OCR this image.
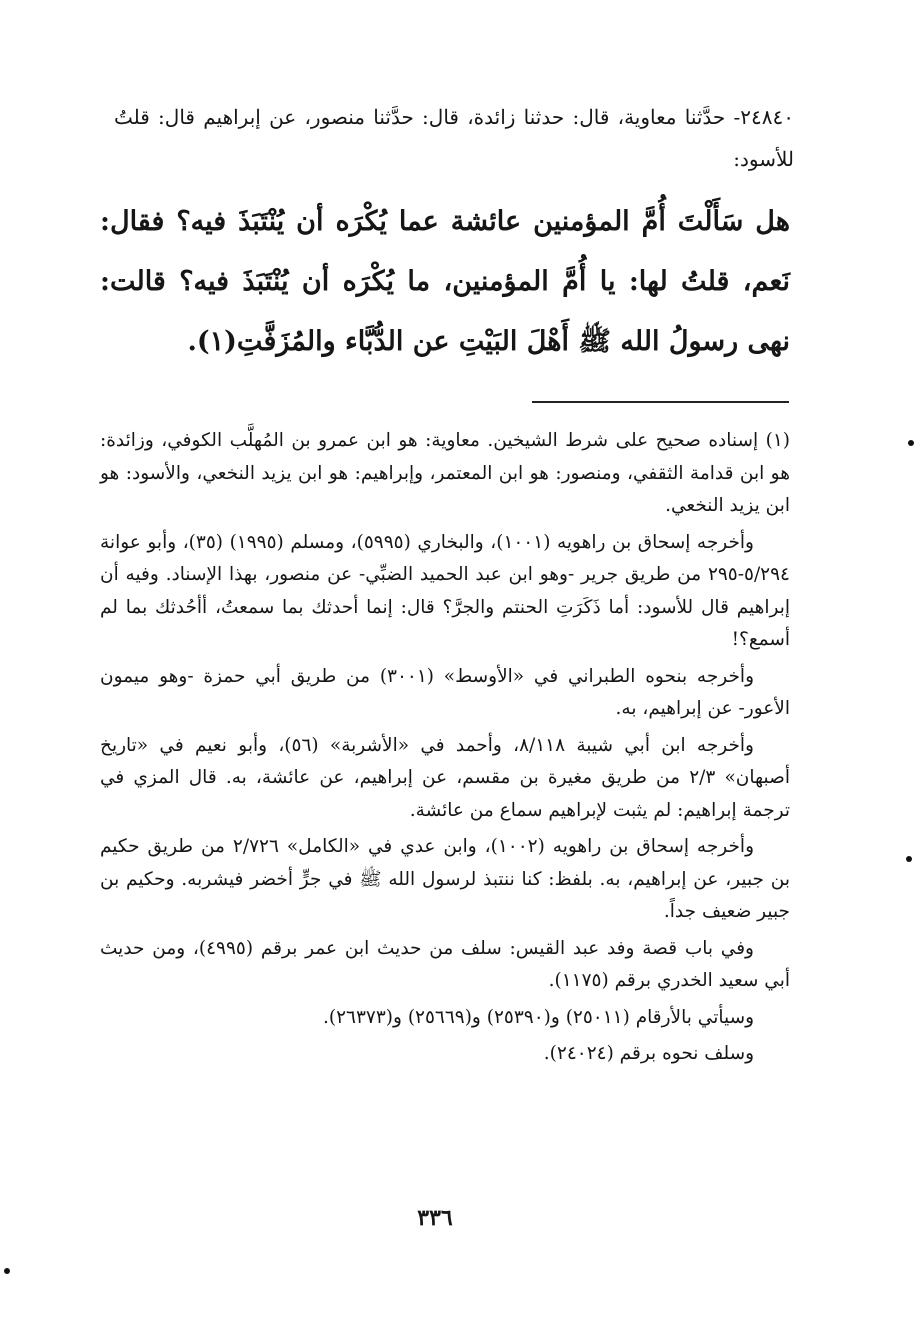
٢٤٨٤٠- حدَّثنا معاوية، قال: حدثنا زائدة، قال: حدَّثنا منصور، عن إبراهيم قال: قلتُ للأسود:

هل سَأَلْتَ أُمَّ المؤمنين عائشة عما يُكْرَه أن يُنْتَبَذَ فيه؟ فقال: نَعم، قلتُ لها: يا أُمَّ المؤمنين، ما يُكْرَه أن يُنْتَبَذَ فيه؟ قالت: نهى رسولُ الله ﷺ أَهْلَ البَيْتِ عن الدُّبَّاء والمُزَفَّتِ(١).

(١) إسناده صحيح على شرط الشيخين. معاوية: هو ابن عمرو بن المُهلَّب الكوفي، وزائدة: هو ابن قدامة الثقفي، ومنصور: هو ابن المعتمر، وإبراهيم: هو ابن يزيد النخعي، والأسود: هو ابن يزيد النخعي.

وأخرجه إسحاق بن راهويه (١٠٠١)، والبخاري (٥٩٩٥)، ومسلم (١٩٩٥) (٣٥)، وأبو عوانة ٥/٢٩٤-٢٩٥ من طريق جرير -وهو ابن عبد الحميد الضبِّي- عن منصور، بهذا الإسناد. وفيه أن إبراهيم قال للأسود: أما ذَكَرَتِ الحنتم والجرَّ؟ قال: إنما أحدثك بما سمعتُ، أأحُدثك بما لم أسمع؟!

وأخرجه بنحوه الطبراني في «الأوسط» (٣٠٠١) من طريق أبي حمزة -وهو ميمون الأعور- عن إبراهيم، به.

وأخرجه ابن أبي شيبة ٨/١١٨، وأحمد في «الأشربة» (٥٦)، وأبو نعيم في «تاريخ أصبهان» ٢/٣ من طريق مغيرة بن مقسم، عن إبراهيم، عن عائشة، به. قال المزي في ترجمة إبراهيم: لم يثبت لإبراهيم سماع من عائشة.

وأخرجه إسحاق بن راهويه (١٠٠٢)، وابن عدي في «الكامل» ٢/٧٢٦ من طريق حكيم بن جبير، عن إبراهيم، به. بلفظ: كنا ننتبذ لرسول الله ﷺ في جرٍّ أخضر فيشربه. وحكيم بن جبير ضعيف جداً.

وفي باب قصة وفد عبد القيس: سلف من حديث ابن عمر برقم (٤٩٩٥)، ومن حديث أبي سعيد الخدري برقم (١١٧٥).

وسيأتي بالأرقام (٢٥٠١١) و(٢٥٣٩٠) و(٢٥٦٦٩) و(٢٦٣٧٣).

وسلف نحوه برقم (٢٤٠٢٤).

٣٣٦
